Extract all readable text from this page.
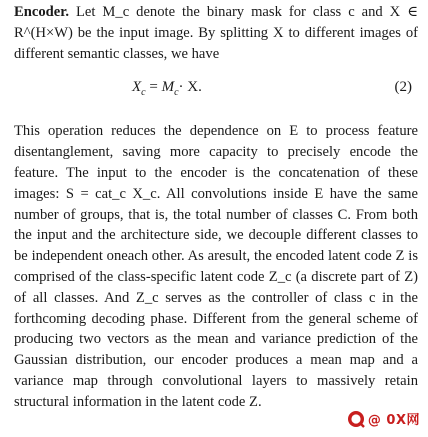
Encoder. Let M_c denote the binary mask for class c and X ∈ R^(H×W) be the input image. By splitting X to different images of different semantic classes, we have

$X_c = M_c\cdot X$.	(2)

This operation reduces the dependence on E to process feature disentanglement, saving more capacity to precisely encode the feature. The input to the encoder is the concatenation of these images: S = cat_c X_c. All convolutions inside E have the same number of groups, that is, the total number of classes C. From both the input and the architecture side, we decouple different classes to be independent oneach other. As aresult, the encoded latent code Z is comprised of the class-specific latent code Z_c (a discrete part of Z) of all classes. And Z_c serves as the controller of class c in the forthcoming decoding phase. Different from the general scheme of producing two vectors as the mean and variance prediction of the Gaussian distribution, our encoder produces a mean map and a variance map through convolutional layers to massively retain structural information in the latent code Z.

@ 0X网
